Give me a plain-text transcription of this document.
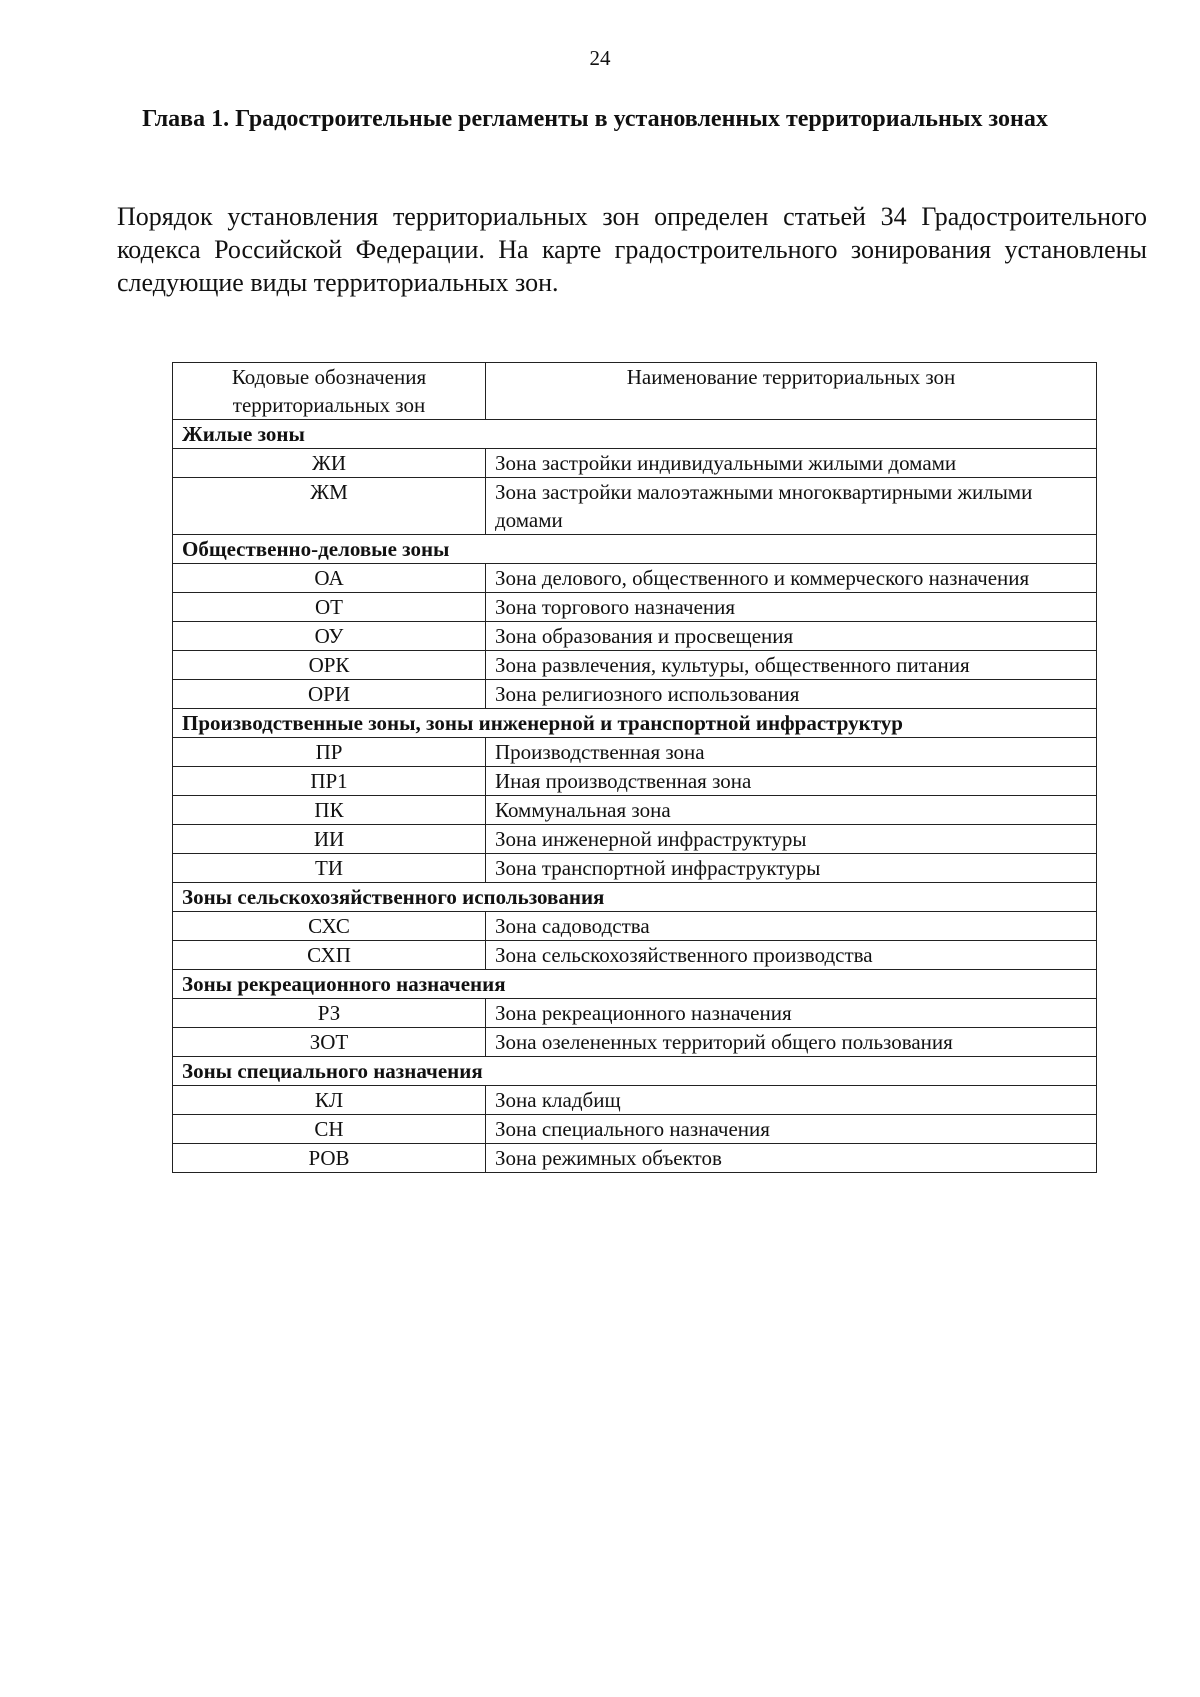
24
Глава 1. Градостроительные регламенты в установленных территориальных зонах
Порядок установления территориальных зон определен статьей 34 Градостроительного кодекса Российской Федерации. На карте градостроительного зонирования установлены следующие виды территориальных зон.
Кодовые обозначения территориальных зон	Наименование территориальных зон
Жилые зоны	
ЖИ	Зона застройки индивидуальными жилыми домами
ЖМ	Зона застройки малоэтажными многоквартирными жилыми домами
Общественно-деловые зоны	
ОА	Зона делового, общественного и коммерческого назначения
ОТ	Зона торгового назначения
ОУ	Зона образования и просвещения
ОРК	Зона развлечения, культуры, общественного питания
ОРИ	Зона религиозного использования
Производственные зоны, зоны инженерной и транспортной инфраструктур	
ПР	Производственная зона
ПР1	Иная производственная зона
ПК	Коммунальная зона
ИИ	Зона инженерной инфраструктуры
ТИ	Зона транспортной инфраструктуры
Зоны сельскохозяйственного использования	
СХС	Зона садоводства
СХП	Зона сельскохозяйственного производства
Зоны рекреационного назначения	
РЗ	Зона рекреационного назначения
ЗОТ	Зона озелененных территорий общего пользования
Зоны специального назначения	
КЛ	Зона кладбищ
СН	Зона специального назначения
РОВ	Зона режимных объектов
